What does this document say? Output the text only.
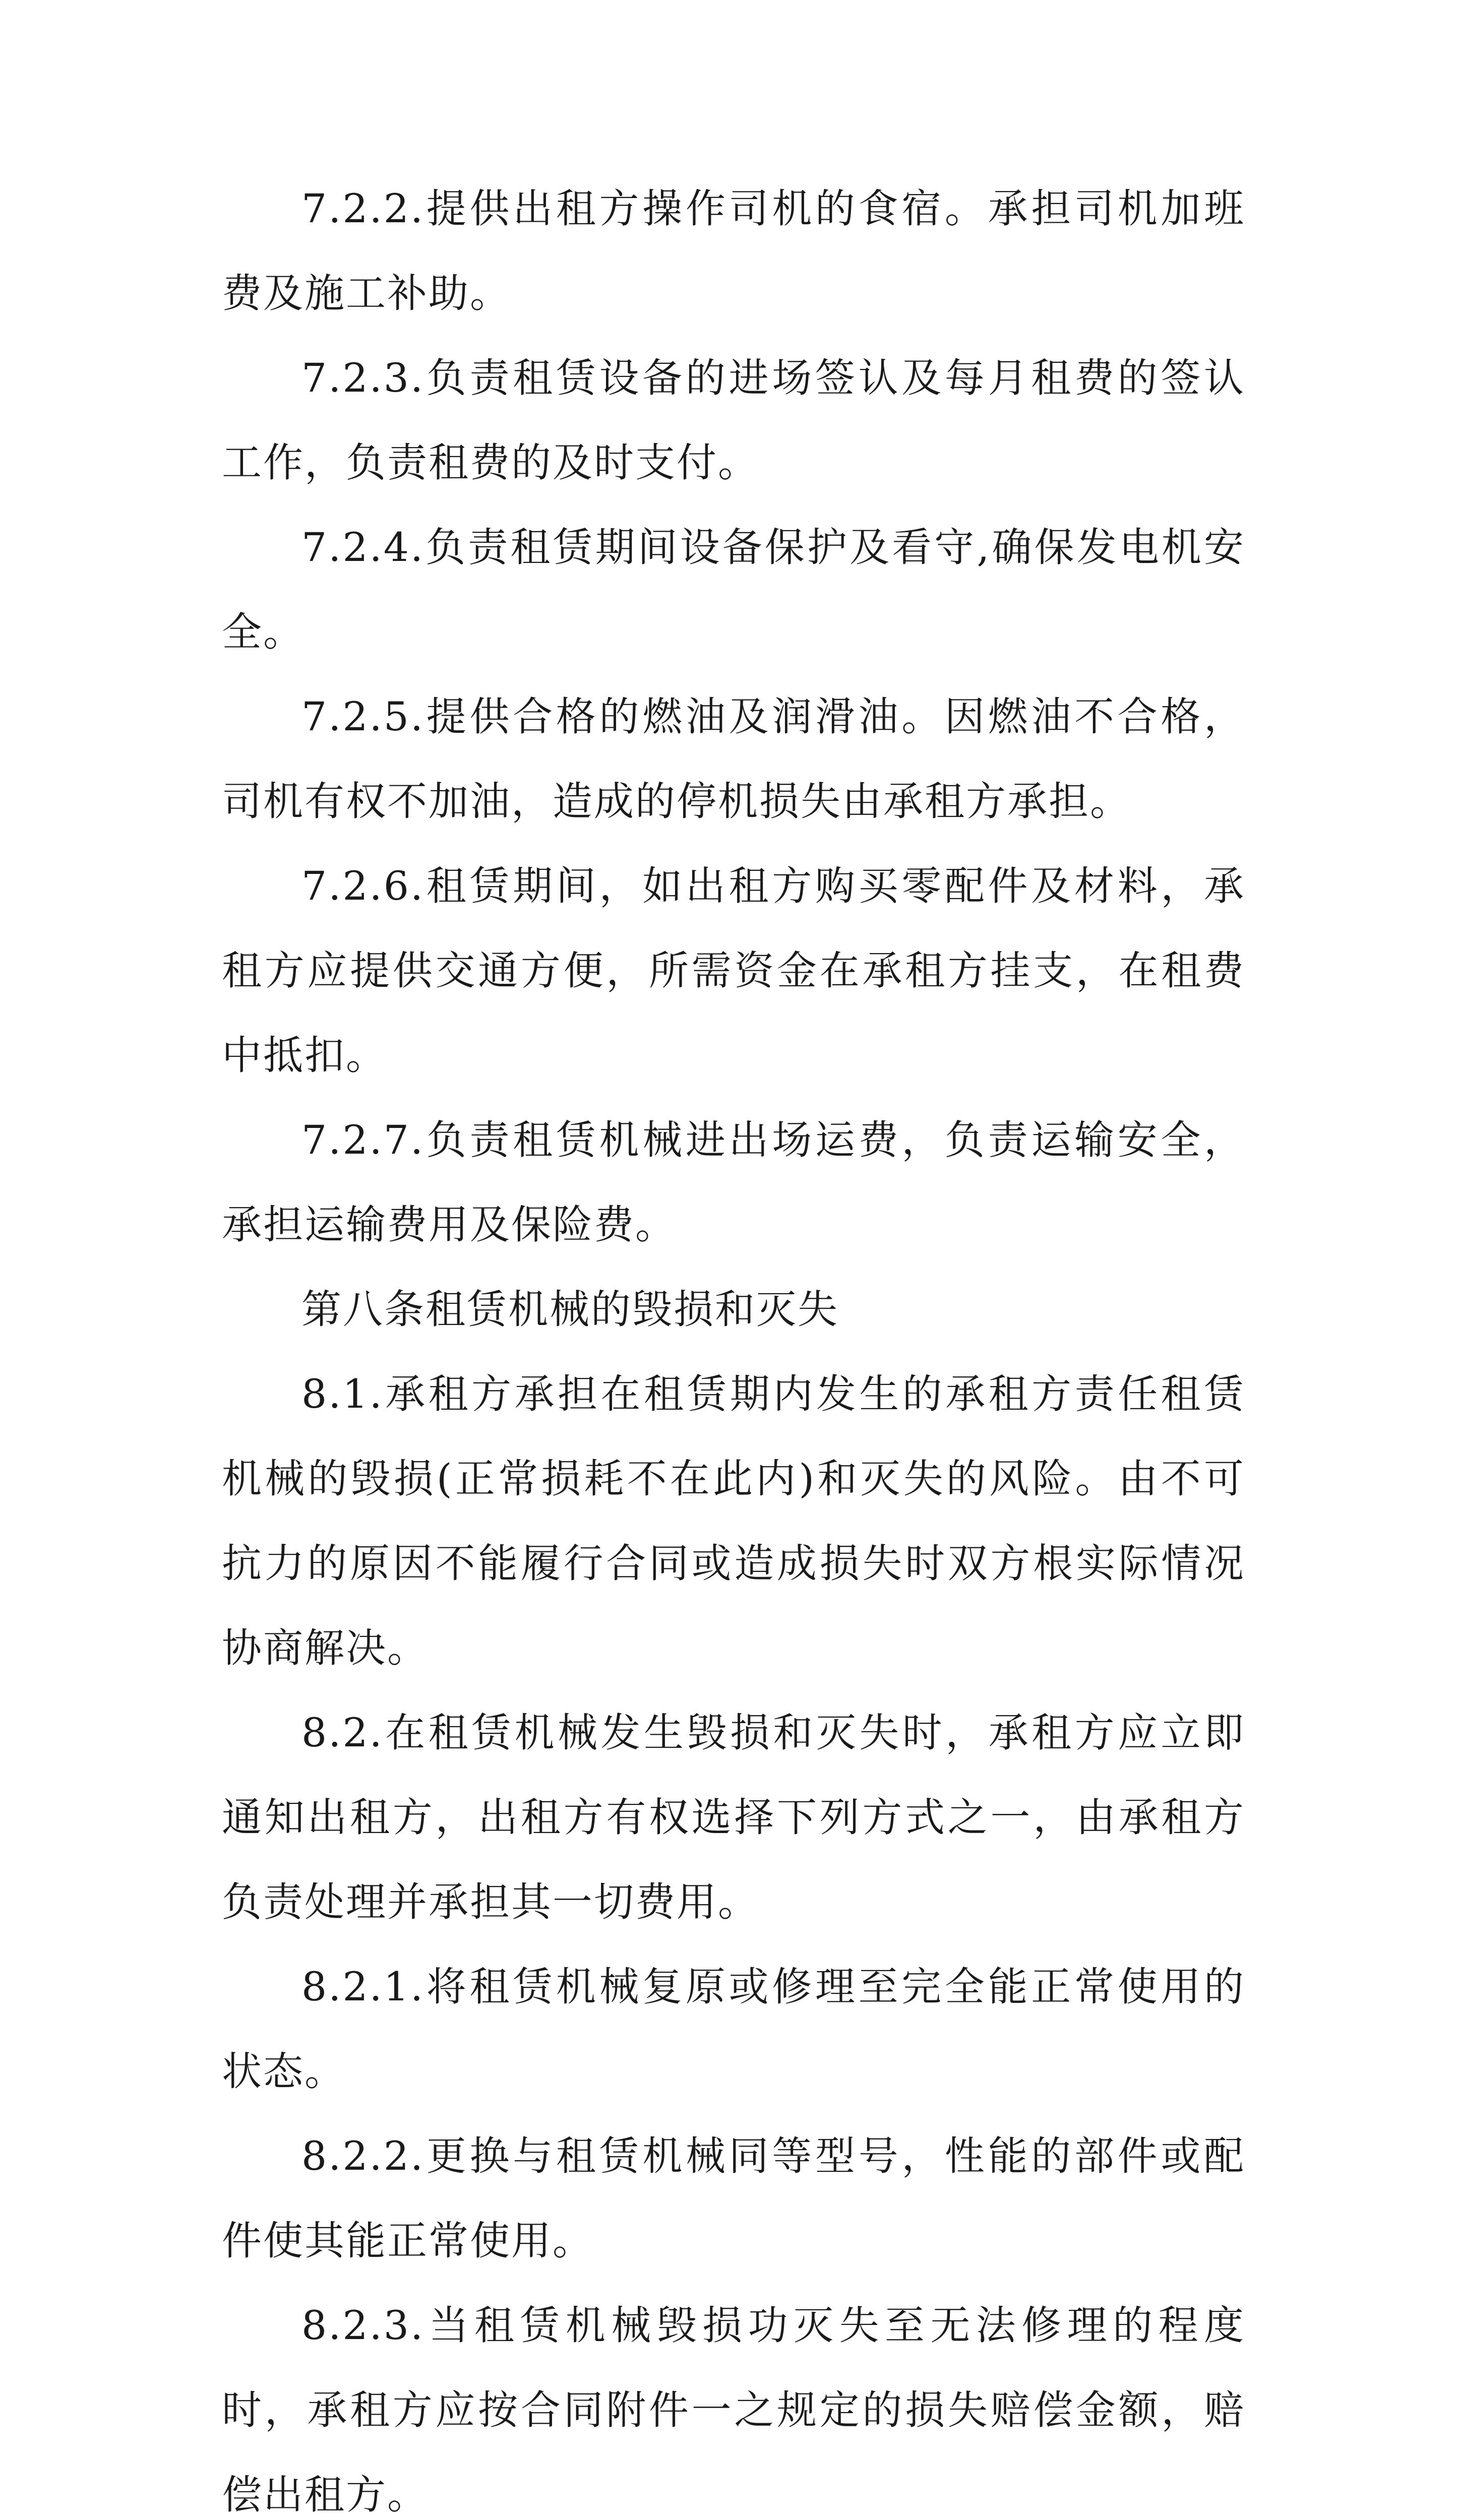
7.2.2.提供出租方操作司机的食宿。承担司机加班费及施工补助。

7.2.3.负责租赁设备的进场签认及每月租费的签认工作，负责租费的及时支付。

7.2.4.负责租赁期间设备保护及看守,确保发电机安全。

7.2.5.提供合格的燃油及润滑油。因燃油不合格，司机有权不加油，造成的停机损失由承租方承担。

7.2.6.租赁期间，如出租方购买零配件及材料，承租方应提供交通方便，所需资金在承租方挂支，在租费中抵扣。

7.2.7.负责租赁机械进出场运费，负责运输安全，承担运输费用及保险费。

第八条租赁机械的毁损和灭失

8.1.承租方承担在租赁期内发生的承租方责任租赁机械的毁损(正常损耗不在此内)和灭失的风险。由不可抗力的原因不能履行合同或造成损失时双方根实际情况协商解决。

8.2.在租赁机械发生毁损和灭失时，承租方应立即通知出租方，出租方有权选择下列方式之一，由承租方负责处理并承担其一切费用。

8.2.1.将租赁机械复原或修理至完全能正常使用的状态。

8.2.2.更换与租赁机械同等型号，性能的部件或配件使其能正常使用。

8.2.3.当租赁机械毁损功灭失至无法修理的程度时，承租方应按合同附件一之规定的损失赔偿金额，赔偿出租方。
